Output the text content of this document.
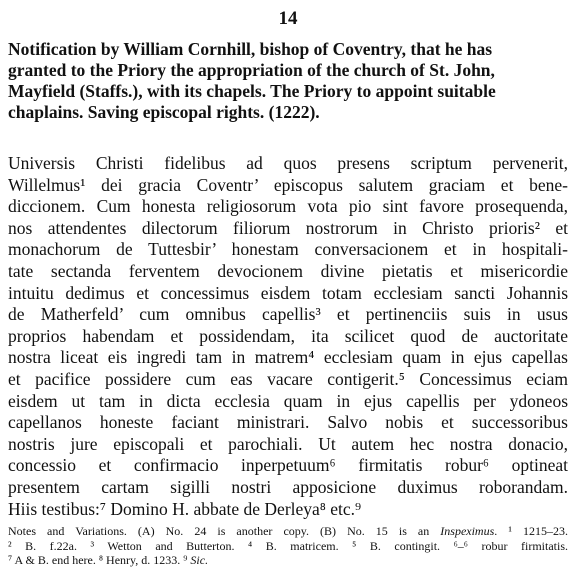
14
Notification by William Cornhill, bishop of Coventry, that he has
granted to the Priory the appropriation of the church of St. John,
Mayfield (Staffs.), with its chapels. The Priory to appoint suitable
chaplains. Saving episcopal rights. (1222).
Universis Christi fidelibus ad quos presens scriptum pervenerit,
Willelmus¹ dei gracia Coventr’ episcopus salutem graciam et bene-
diccionem. Cum honesta religiosorum vota pio sint favore prosequenda,
nos attendentes dilectorum filiorum nostrorum in Christo prioris² et
monachorum de Tuttesbir’ honestam conversacionem et in hospitali-
tate sectanda ferventem devocionem divine pietatis et misericordie
intuitu dedimus et concessimus eisdem totam ecclesiam sancti Johannis
de Matherfeld’ cum omnibus capellis³ et pertinenciis suis in usus
proprios habendam et possidendam, ita scilicet quod de auctoritate
nostra liceat eis ingredi tam in matrem⁴ ecclesiam quam in ejus capellas
et pacifice possidere cum eas vacare contigerit.⁵ Concessimus eciam
eisdem ut tam in dicta ecclesia quam in ejus capellis per ydoneos
capellanos honeste faciant ministrari. Salvo nobis et successoribus
nostris jure episcopali et parochiali. Ut autem hec nostra donacio,
concessio et confirmacio inperpetuum⁶ firmitatis robur⁶ optineat
presentem cartam sigilli nostri apposicione duximus roborandam.
Hiis testibus:⁷ Domino H. abbate de Derleya⁸ etc.⁹
Notes and Variations. (A) No. 24 is another copy. (B) No. 15 is an Inspeximus. ¹ 1215–23.
² B. f.22a. ³ Wetton and Butterton. ⁴ B. matricem. ⁵ B. contingit. ⁶–⁶ robur firmitatis.
⁷ A & B. end here. ⁸ Henry, d. 1233. ⁹ Sic.
